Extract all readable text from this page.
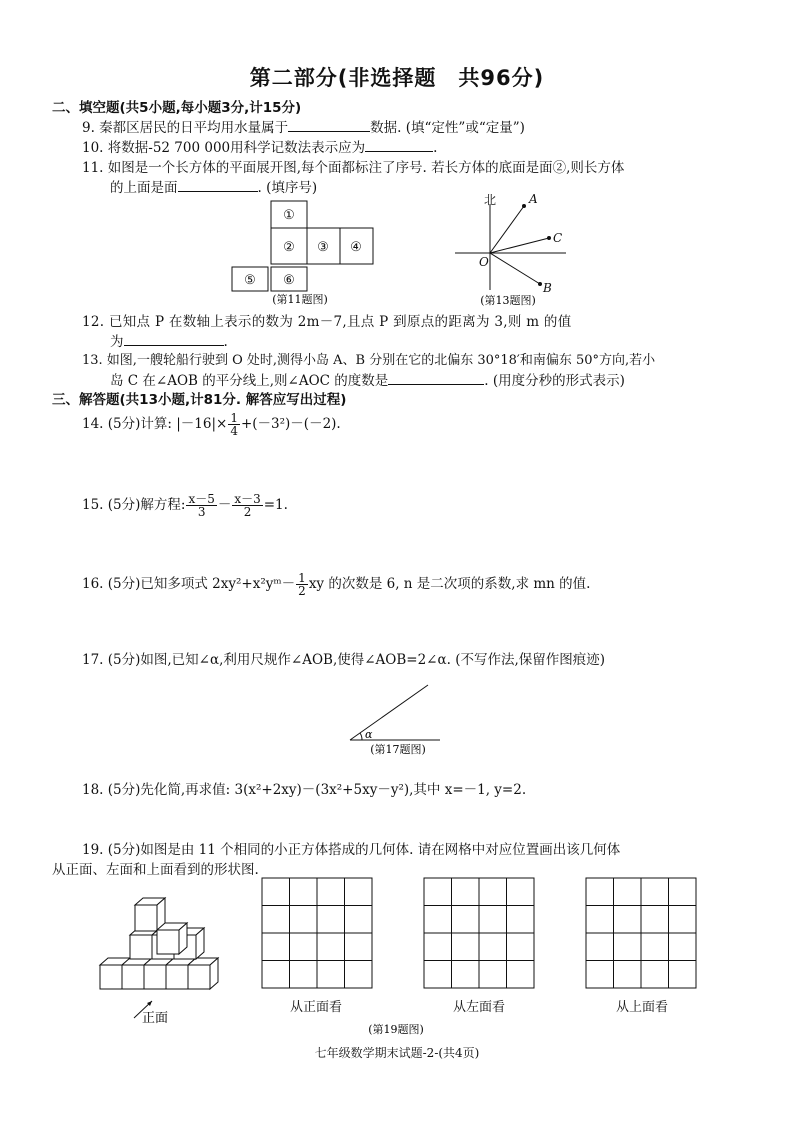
第二部分(非选择题　共96分)
二、填空题(共5小题,每小题3分,计15分)
9. 秦都区居民的日平均用水量属于	数据. (填“定性”或“定量”)
10. 将数据-52 700 000用科学记数法表示应为	.
11. 如图是一个长方体的平面展开图,每个面都标注了序号. 若长方体的底面是面②,则长方体
的上面是面	. (填序号)
①
② ③ ④
⑤ ⑥
(第11题图)
北	A
C
O
B
(第13题图)
α
(第17题图)
正面
从正面看	从左面看	从上面看
(第19题图)
12. 已知点 P 在数轴上表示的数为 2m－7,且点 P 到原点的距离为 3,则 m 的值
为	.
13. 如图,一艘轮船行驶到 O 处时,测得小岛 A、B 分别在它的北偏东 30°18′和南偏东 50°方向,若小
岛 C 在∠AOB 的平分线上,则∠AOC 的度数是	. (用度分秒的形式表示)
三、解答题(共13小题,计81分. 解答应写出过程)
14. (5分)计算: $|-16|\times \frac{1}{4} +(-3^2)-(-2)$.
15. (5分)解方程: $\frac{x-5}{3} - \frac{x-3}{2} =1$.
16. (5分)已知多项式 2xy²+x²yᵐ－ $\frac{1}{2}$ xy 的次数是 6, n 是二次项的系数,求 mn 的值.
17. (5分)如图,已知∠α,利用尺规作∠AOB,使得∠AOB=2∠α. (不写作法,保留作图痕迹)
18. (5分)先化简,再求值: 3(x²+2xy)－(3x²+5xy－y²),其中 x=－1, y=2.
19. (5分)如图是由 11 个相同的小正方体搭成的几何体. 请在网格中对应位置画出该几何体
从正面、左面和上面看到的形状图.
七年级数学期末试题-2-(共4页)
